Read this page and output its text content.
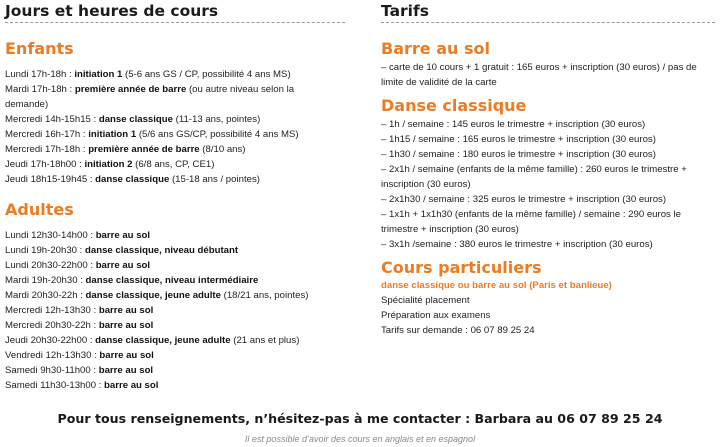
Jours et heures de cours
Enfants
Lundi 17h-18h : initiation 1 (5-6 ans GS / CP, possibilité 4 ans MS)
Mardi 17h-18h : première année de barre (ou autre niveau selon la
demande)
Mercredi 14h-15h15 : danse classique (11-13 ans, pointes)
Mercredi 16h-17h : initiation 1 (5/6 ans GS/CP, possibilité 4 ans MS)
Mercredi 17h-18h : première année de barre (8/10 ans)
Jeudi 17h-18h00 : initiation 2 (6/8 ans, CP, CE1)
Jeudi 18h15-19h45 : danse classique (15-18 ans / pointes)
Adultes
Lundi 12h30-14h00 : barre au sol
Lundi 19h-20h30 : danse classique, niveau débutant
Lundi 20h30-22h00 : barre au sol
Mardi 19h-20h30 : danse classique, niveau intermédiaire
Mardi 20h30-22h : danse classique, jeune adulte (18/21 ans, pointes)
Mercredi 12h-13h30 : barre au sol
Mercredi 20h30-22h : barre au sol
Jeudi 20h30-22h00 : danse classique, jeune adulte (21 ans et plus)
Vendredi 12h-13h30 : barre au sol
Samedi 9h30-11h00 : barre au sol
Samedi 11h30-13h00 : barre au sol
Tarifs
Barre au sol
– carte de 10 cours + 1 gratuit : 165 euros + inscription (30 euros) / pas de
limite de validité de la carte
Danse classique
– 1h / semaine : 145 euros le trimestre + inscription (30 euros)
– 1h15 / semaine : 165 euros le trimestre + inscription (30 euros)
– 1h30 / semaine : 180 euros le trimestre + inscription (30 euros)
– 2x1h / semaine (enfants de la même famille) : 260 euros le trimestre +
inscription (30 euros)
– 2x1h30 / semaine : 325 euros le trimestre + inscription (30 euros)
– 1x1h + 1x1h30 (enfants de la même famille) / semaine : 290 euros le
trimestre + inscription (30 euros)
– 3x1h /semaine : 380 euros le trimestre + inscription (30 euros)
Cours particuliers
danse classique ou barre au sol (Paris et banlieue)
Spécialité placement
Préparation aux examens
Tarifs sur demande : 06 07 89 25 24
Pour tous renseignements, n’hésitez-pas à me contacter : Barbara au 06 07 89 25 24
Il est possible d’avoir des cours en anglais et en espagnol
